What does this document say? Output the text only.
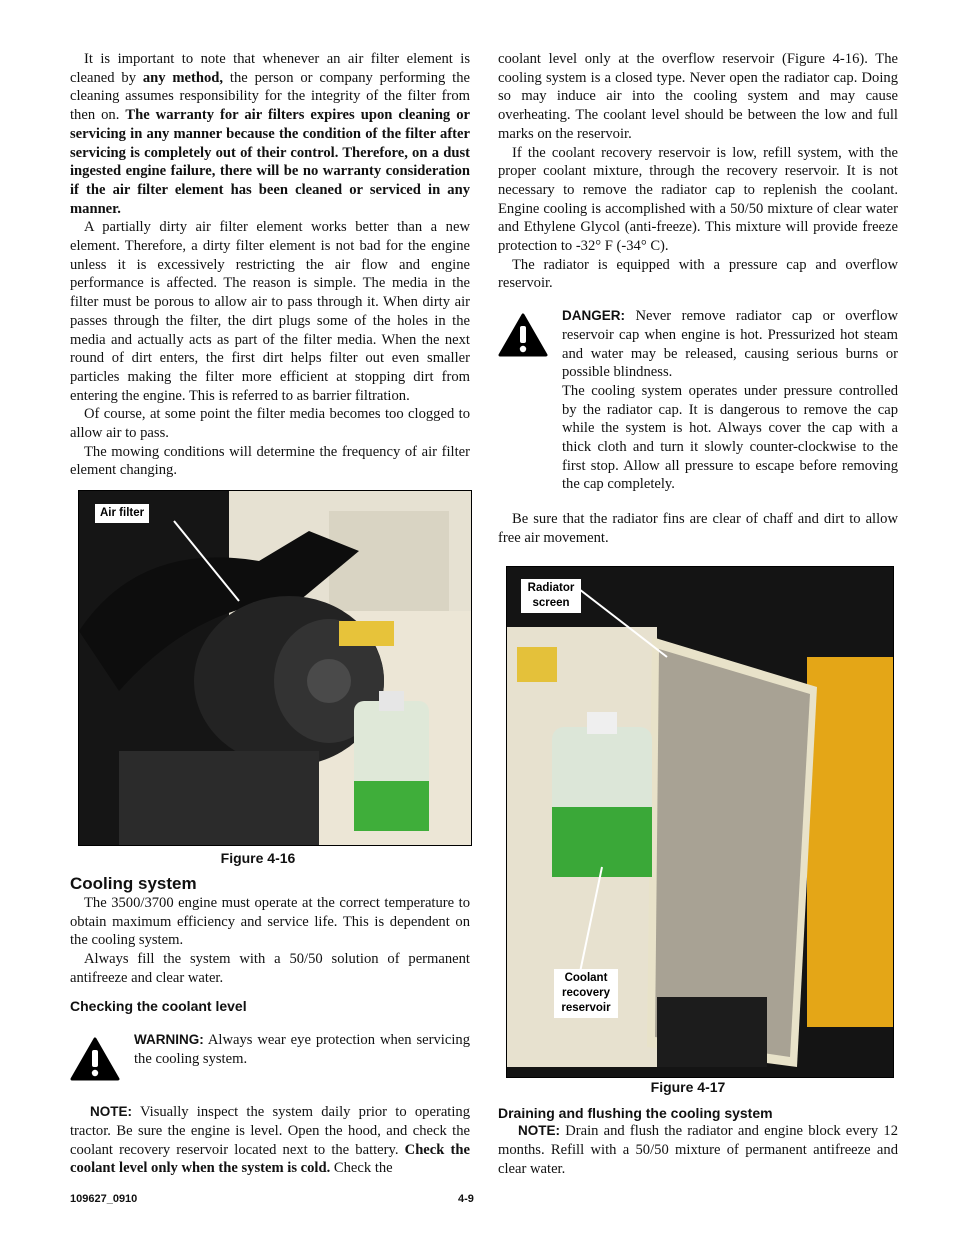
It is important to note that whenever an air filter element is cleaned by any method, the person or company performing the cleaning assumes responsibility for the integrity of the filter from then on. The warranty for air filters expires upon cleaning or servicing in any manner because the condition of the filter after servicing is completely out of their control. Therefore, on a dust ingested engine failure, there will be no warranty consideration if the air filter element has been cleaned or serviced in any manner.

A partially dirty air filter element works better than a new element. Therefore, a dirty filter element is not bad for the engine unless it is excessively restricting the air flow and engine performance is affected. The reason is simple. The media in the filter must be porous to allow air to pass through it. When dirty air passes through the filter, the dirt plugs some of the holes in the media and actually acts as part of the filter media. When the next round of dirt enters, the first dirt helps filter out even smaller particles making the filter more efficient at stopping dirt from entering the engine. This is referred to as barrier filtration.

Of course, at some point the filter media becomes too clogged to allow air to pass.

The mowing conditions will determine the frequency of air filter element changing.

Air filter
Figure 4-16
Cooling system

The 3500/3700 engine must operate at the correct temperature to obtain maximum efficiency and service life. This is dependent on the cooling system.

Always fill the system with a 50/50 solution of permanent antifreeze and clear water.

Checking the coolant level

WARNING: Always wear eye protection when servicing the cooling system.

NOTE: Visually inspect the system daily prior to operating tractor. Be sure the engine is level. Open the hood, and check the coolant recovery reservoir located next to the battery. Check the coolant level only when the system is cold. Check the

coolant level only at the overflow reservoir (Figure 4-16). The cooling system is a closed type. Never open the radiator cap. Doing so may induce air into the cooling system and may cause overheating. The coolant level should be between the low and full marks on the reservoir.

If the coolant recovery reservoir is low, refill system, with the proper coolant mixture, through the recovery reservoir. It is not necessary to remove the radiator cap to replenish the coolant. Engine cooling is accomplished with a 50/50 mixture of clear water and Ethylene Glycol (anti-freeze). This mixture will provide freeze protection to -32° F (-34° C).

The radiator is equipped with a pressure cap and overflow reservoir.

DANGER: Never remove radiator cap or overflow reservoir cap when engine is hot. Pressurized hot steam and water may be released, causing serious burns or possible blindness.

The cooling system operates under pressure controlled by the radiator cap. It is dangerous to remove the cap while the system is hot. Always cover the cap with a thick cloth and turn it slowly counter-clockwise to the first stop. Allow all pressure to escape before removing the cap completely.

Be sure that the radiator fins are clear of chaff and dirt to allow free air movement.

Radiator screen
Coolant recovery reservoir
Figure 4-17
Draining and flushing the cooling system

NOTE: Drain and flush the radiator and engine block every 12 months. Refill with a 50/50 mixture of permanent antifreeze and clear water.

109627_0910	4-9
